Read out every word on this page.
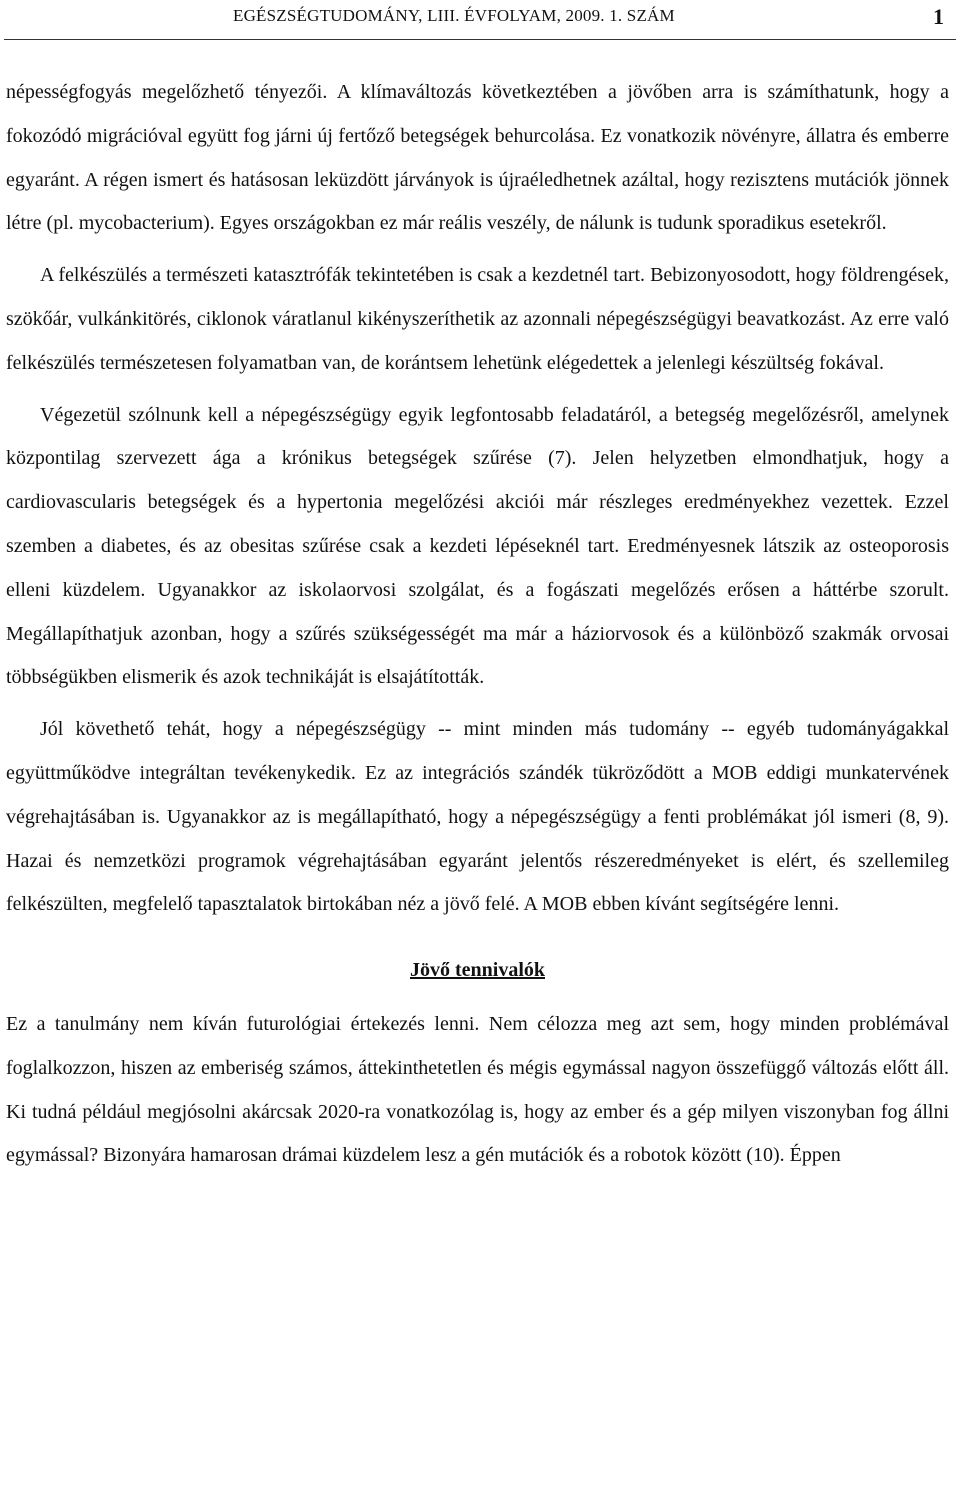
EGÉSZSÉGTUDOMÁNY, LIII. ÉVFOLYAM, 2009. 1. SZÁM	1

népességfogyás megelőzhető tényezői. A klímaváltozás következtében a jövőben arra is számíthatunk, hogy a fokozódó migrációval együtt fog járni új fertőző betegségek behurcolása. Ez vonatkozik növényre, állatra és emberre egyaránt. A régen ismert és hatásosan leküzdött járványok is újraéledhetnek azáltal, hogy rezisztens mutációk jönnek létre (pl. mycobacterium). Egyes országokban ez már reális veszély, de nálunk is tudunk sporadikus esetekről.

A felkészülés a természeti katasztrófák tekintetében is csak a kezdetnél tart. Bebizonyosodott, hogy földrengések, szökőár, vulkánkitörés, ciklonok váratlanul kikényszeríthetik az azonnali népegészségügyi beavatkozást. Az erre való felkészülés természetesen folyamatban van, de korántsem lehetünk elégedettek a jelenlegi készültség fokával.

Végezetül szólnunk kell a népegészségügy egyik legfontosabb feladatáról, a betegség megelőzésről, amelynek központilag szervezett ága a krónikus betegségek szűrése (7). Jelen helyzetben elmondhatjuk, hogy a cardiovascularis betegségek és a hypertonia megelőzési akciói már részleges eredményekhez vezettek. Ezzel szemben a diabetes, és az obesitas szűrése csak a kezdeti lépéseknél tart. Eredményesnek látszik az osteoporosis elleni küzdelem. Ugyanakkor az iskolaorvosi szolgálat, és a fogászati megelőzés erősen a háttérbe szorult. Megállapíthatjuk azonban, hogy a szűrés szükségességét ma már a háziorvosok és a különböző szakmák orvosai többségükben elismerik és azok technikáját is elsajátították.

Jól követhető tehát, hogy a népegészségügy -- mint minden más tudomány -- egyéb tudományágakkal együttműködve integráltan tevékenykedik. Ez az integrációs szándék tükröződött a MOB eddigi munkatervének végrehajtásában is. Ugyanakkor az is megállapítható, hogy a népegészségügy a fenti problémákat jól ismeri (8, 9). Hazai és nemzetközi programok végrehajtásában egyaránt jelentős részeredményeket is elért, és szellemileg felkészülten, megfelelő tapasztalatok birtokában néz a jövő felé. A MOB ebben kívánt segítségére lenni.

Jövő tennivalók

Ez a tanulmány nem kíván futurológiai értekezés lenni. Nem célozza meg azt sem, hogy minden problémával foglalkozzon, hiszen az emberiség számos, áttekinthetetlen és mégis egymással nagyon összefüggő változás előtt áll. Ki tudná például megjósolni akárcsak 2020-ra vonatkozólag is, hogy az ember és a gép milyen viszonyban fog állni egymással? Bizonyára hamarosan drámai küzdelem lesz a gén mutációk és a robotok között (10). Éppen
